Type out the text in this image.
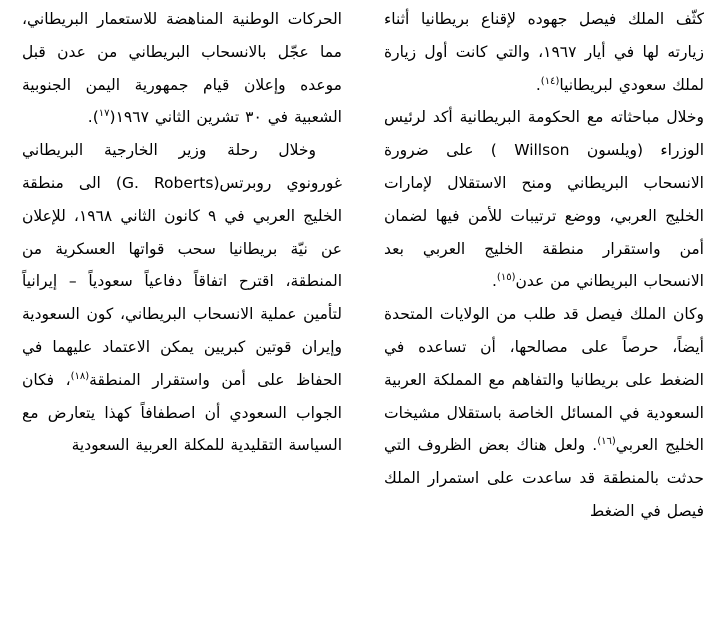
كثّف الملك فيصل جهوده لإقناع بريطانيا أثناء زيارته لها في أيار ١٩٦٧، والتي كانت أول زيارة لملك سعودي لبريطانيا$^{(١٤)}$.

وخلال مباحثاته مع الحكومة البريطانية أكد لرئيس الوزراء (ويلسون Willson ) على ضرورة الانسحاب البريطاني ومنح الاستقلال لإمارات الخليج العربي، ووضع ترتيبات للأمن فيها لضمان أمن واستقرار منطقة الخليج العربي بعد الانسحاب البريطاني من عدن$^{(١٥)}$.

وكان الملك فيصل قد طلب من الولايات المتحدة أيضاً، حرصاً على مصالحها، أن تساعده في الضغط على بريطانيا والتفاهم مع المملكة العربية السعودية في المسائل الخاصة باستقلال مشيخات الخليج العربي$^{(١٦)}$. ولعل هناك بعض الظروف التي حدثت بالمنطقة قد ساعدت على استمرار الملك فيصل في الضغط

الحركات الوطنية المناهضة للاستعمار البريطاني، مما عجّل بالانسحاب البريطاني من عدن قبل موعده وإعلان قيام جمهورية اليمن الجنوبية الشعبية في ٣٠ تشرين الثاني ١٩٦٧($^{١٧}$).

وخلال رحلة وزير الخارجية البريطاني غورونوي روبرتس(G. Roberts) الى منطقة الخليج العربي في ٩ كانون الثاني ١٩٦٨، للإعلان عن نيّة بريطانيا سحب قواتها العسكرية من المنطقة، اقترح اتفاقاً دفاعياً سعودياً – إيرانياً لتأمين عملية الانسحاب البريطاني، كون السعودية وإيران قوتين كبريين يمكن الاعتماد عليهما في الحفاظ على أمن واستقرار المنطقة$^{(١٨)}$، فكان الجواب السعودي أن اصطفافاً كهذا يتعارض مع السياسة التقليدية للمكلة العربية السعودية
